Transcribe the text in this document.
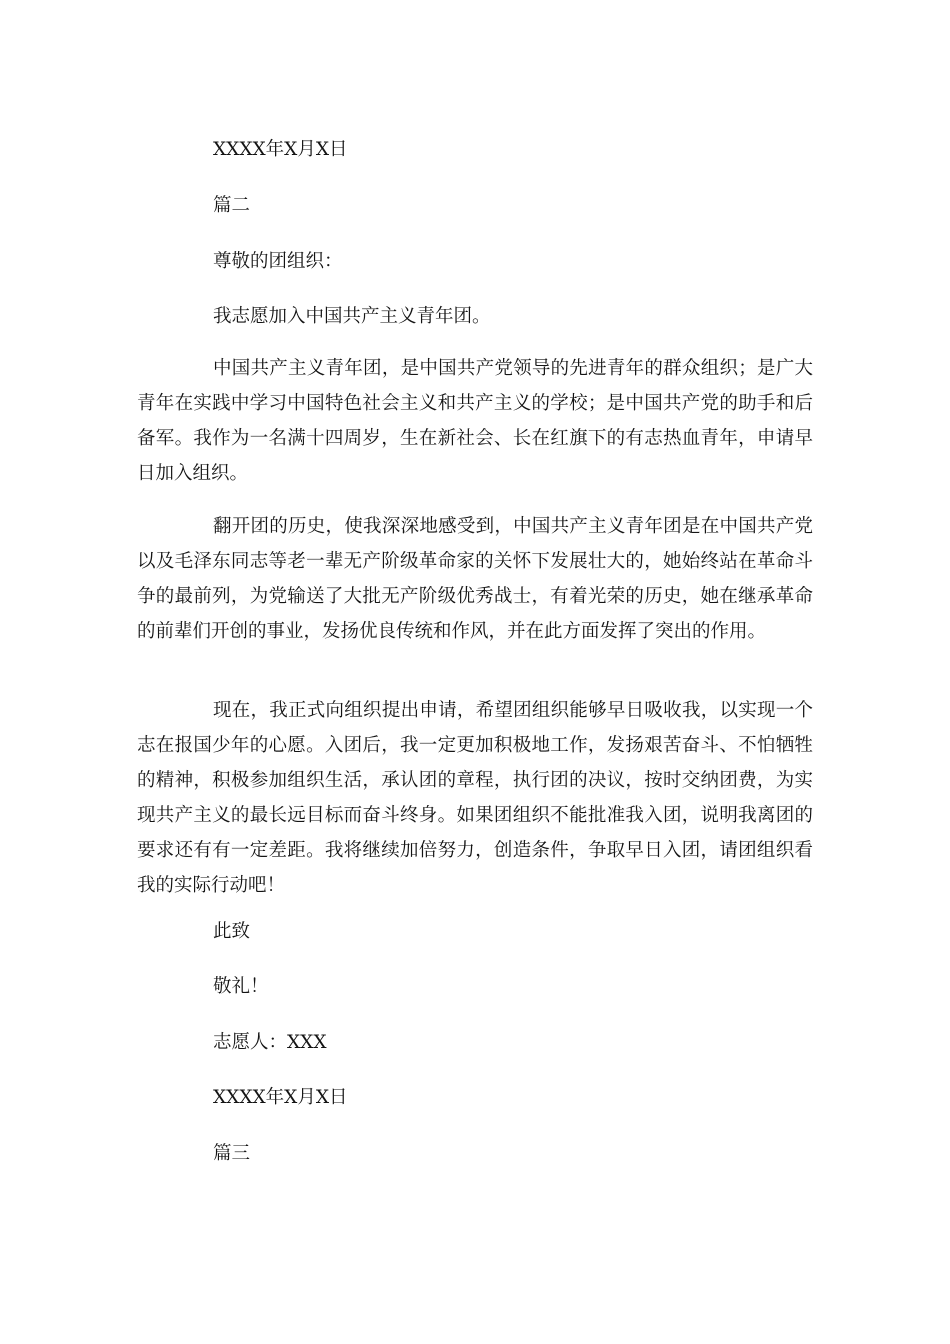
XXXX年X月X日
篇二
尊敬的团组织：
我志愿加入中国共产主义青年团。
中国共产主义青年团，是中国共产党领导的先进青年的群众组织；是广大青年在实践中学习中国特色社会主义和共产主义的学校；是中国共产党的助手和后备军。我作为一名满十四周岁，生在新社会、长在红旗下的有志热血青年，申请早日加入组织。
翻开团的历史，使我深深地感受到，中国共产主义青年团是在中国共产党以及毛泽东同志等老一辈无产阶级革命家的关怀下发展壮大的，她始终站在革命斗争的最前列，为党输送了大批无产阶级优秀战士，有着光荣的历史，她在继承革命的前辈们开创的事业，发扬优良传统和作风，并在此方面发挥了突出的作用。
现在，我正式向组织提出申请，希望团组织能够早日吸收我，以实现一个志在报国少年的心愿。入团后，我一定更加积极地工作，发扬艰苦奋斗、不怕牺牲的精神，积极参加组织生活，承认团的章程，执行团的决议，按时交纳团费，为实现共产主义的最长远目标而奋斗终身。如果团组织不能批准我入团，说明我离团的要求还有有一定差距。我将继续加倍努力，创造条件，争取早日入团，请团组织看我的实际行动吧！
此致
敬礼！
志愿人：XXX
XXXX年X月X日
篇三
